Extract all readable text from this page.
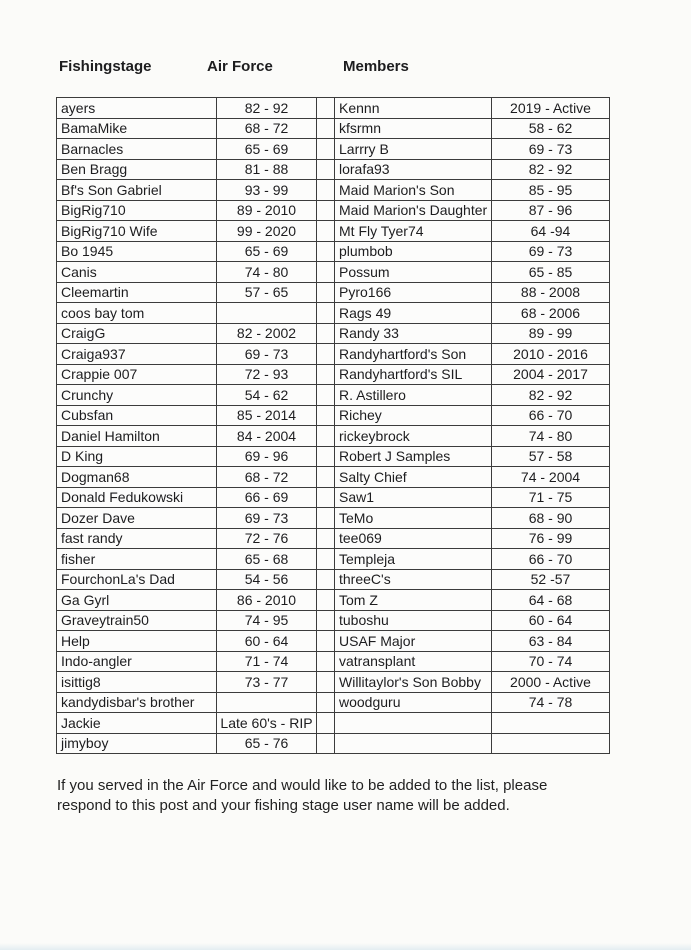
Fishingstage	Air Force	Members
ayers	82 - 92		Kennn	2019 - Active
BamaMike	68 - 72		kfsrmn	58 - 62
Barnacles	65 - 69		Larrry B	69 - 73
Ben Bragg	81 - 88		lorafa93	82 - 92
Bf's Son Gabriel	93 - 99		Maid Marion's Son	85 - 95
BigRig710	89 - 2010		Maid Marion's Daughter	87 - 96
BigRig710 Wife	99 - 2020		Mt Fly Tyer74	64 -94
Bo 1945	65 - 69		plumbob	69 - 73
Canis	74 - 80		Possum	65 - 85
Cleemartin	57 - 65		Pyro166	88 - 2008
coos bay tom			Rags 49	68 - 2006
CraigG	82 - 2002		Randy 33	89 - 99
Craiga937	69 - 73		Randyhartford's Son	2010 - 2016
Crappie 007	72 - 93		Randyhartford's SIL	2004 - 2017
Crunchy	54 - 62		R. Astillero	82 - 92
Cubsfan	85 - 2014		Richey	66 - 70
Daniel Hamilton	84 - 2004		rickeybrock	74 - 80
D King	69 - 96		Robert J Samples	57 - 58
Dogman68	68 - 72		Salty Chief	74 - 2004
Donald Fedukowski	66 - 69		Saw1	71 - 75
Dozer Dave	69 - 73		TeMo	68 - 90
fast randy	72 - 76		tee069	76 - 99
fisher	65 - 68		Templeja	66 - 70
FourchonLa's Dad	54 - 56		threeC's	52 -57
Ga Gyrl	86 - 2010		Tom Z	64 - 68
Graveytrain50	74 - 95		tuboshu	60 - 64
Help	60 - 64		USAF Major	63 - 84
Indo-angler	71 - 74		vatransplant	70 - 74
isittig8	73 - 77		Willitaylor's Son Bobby	2000 - Active
kandydisbar's brother			woodguru	74 - 78
Jackie	Late 60's - RIP			
jimyboy	65 - 76			
If you served in the Air Force and would like to be added to the list, please
respond to this post and your fishing stage user name will be added.
